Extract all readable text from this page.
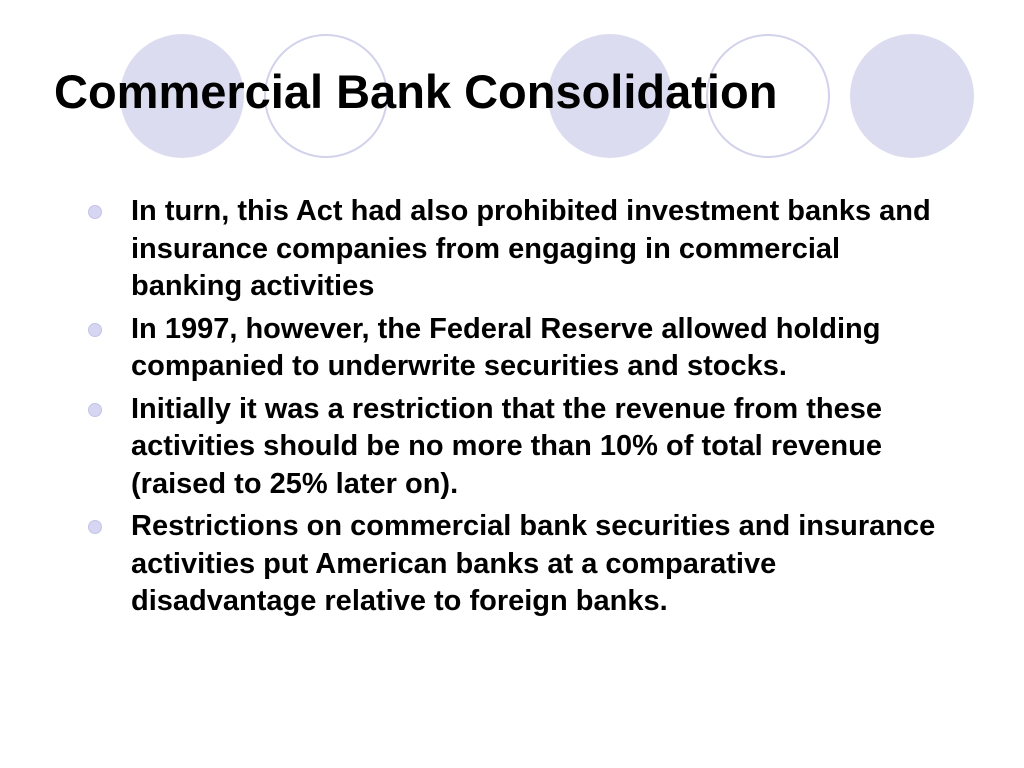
Commercial Bank Consolidation
In turn, this Act had also prohibited investment banks and insurance companies from engaging in commercial banking activities
In 1997, however, the Federal Reserve allowed holding companied to underwrite securities and stocks.
Initially it was a restriction that the revenue from these activities should be no more than 10% of total revenue (raised to 25% later on).
Restrictions on commercial bank securities and insurance activities put American banks at a comparative disadvantage relative to foreign banks.
